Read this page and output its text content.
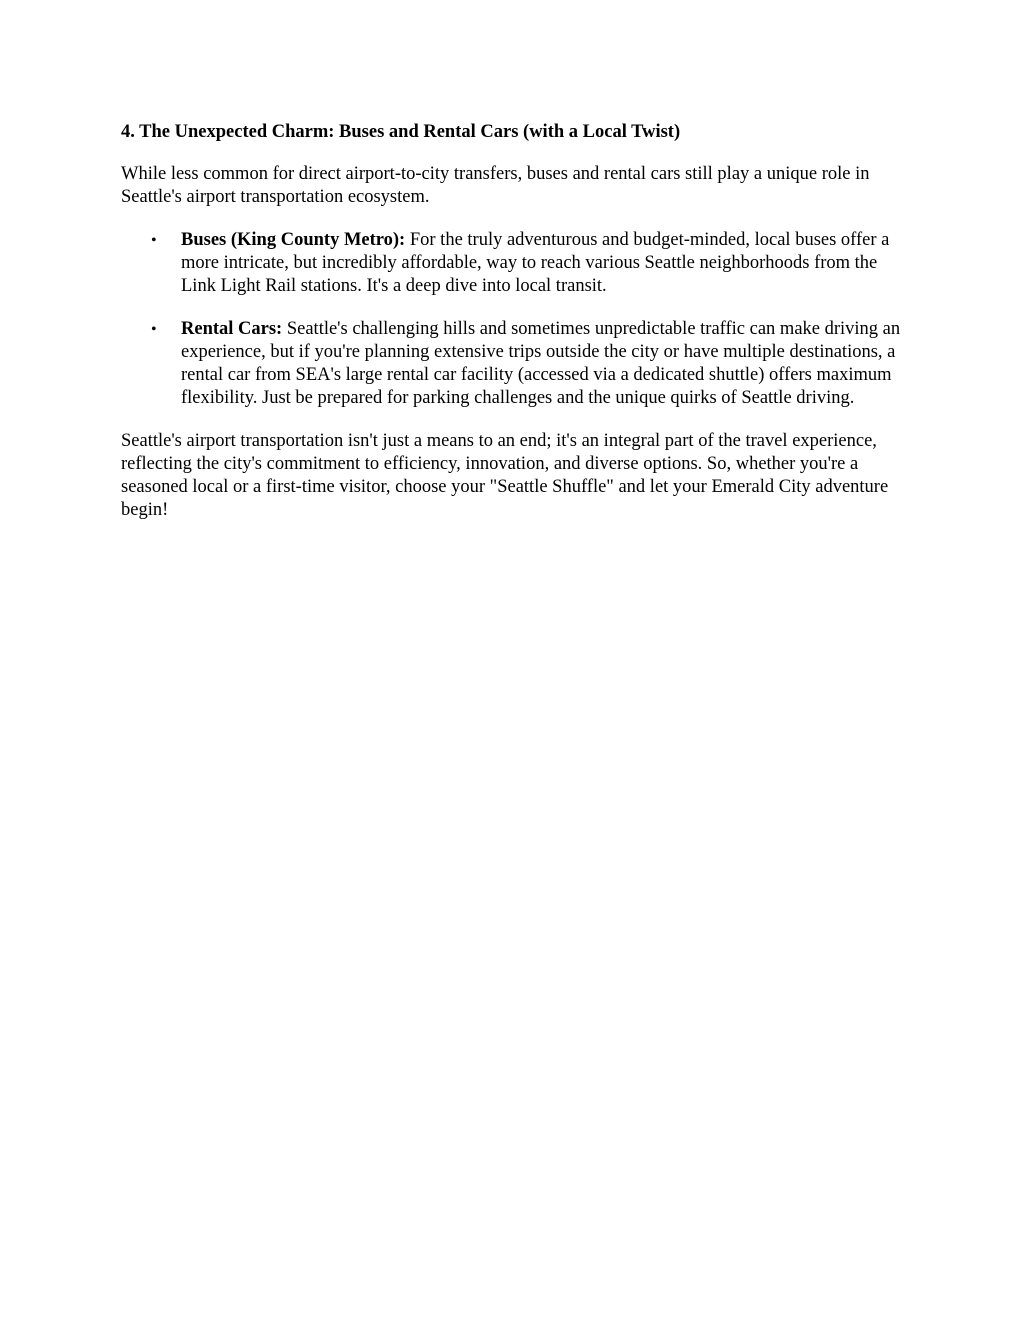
4. The Unexpected Charm: Buses and Rental Cars (with a Local Twist)

While less common for direct airport-to-city transfers, buses and rental cars still play a unique role in Seattle's airport transportation ecosystem.

• Buses (King County Metro): For the truly adventurous and budget-minded, local buses offer a more intricate, but incredibly affordable, way to reach various Seattle neighborhoods from the Link Light Rail stations. It's a deep dive into local transit.
• Rental Cars: Seattle's challenging hills and sometimes unpredictable traffic can make driving an experience, but if you're planning extensive trips outside the city or have multiple destinations, a rental car from SEA's large rental car facility (accessed via a dedicated shuttle) offers maximum flexibility. Just be prepared for parking challenges and the unique quirks of Seattle driving.

Seattle's airport transportation isn't just a means to an end; it's an integral part of the travel experience, reflecting the city's commitment to efficiency, innovation, and diverse options. So, whether you're a seasoned local or a first-time visitor, choose your "Seattle Shuffle" and let your Emerald City adventure begin!
